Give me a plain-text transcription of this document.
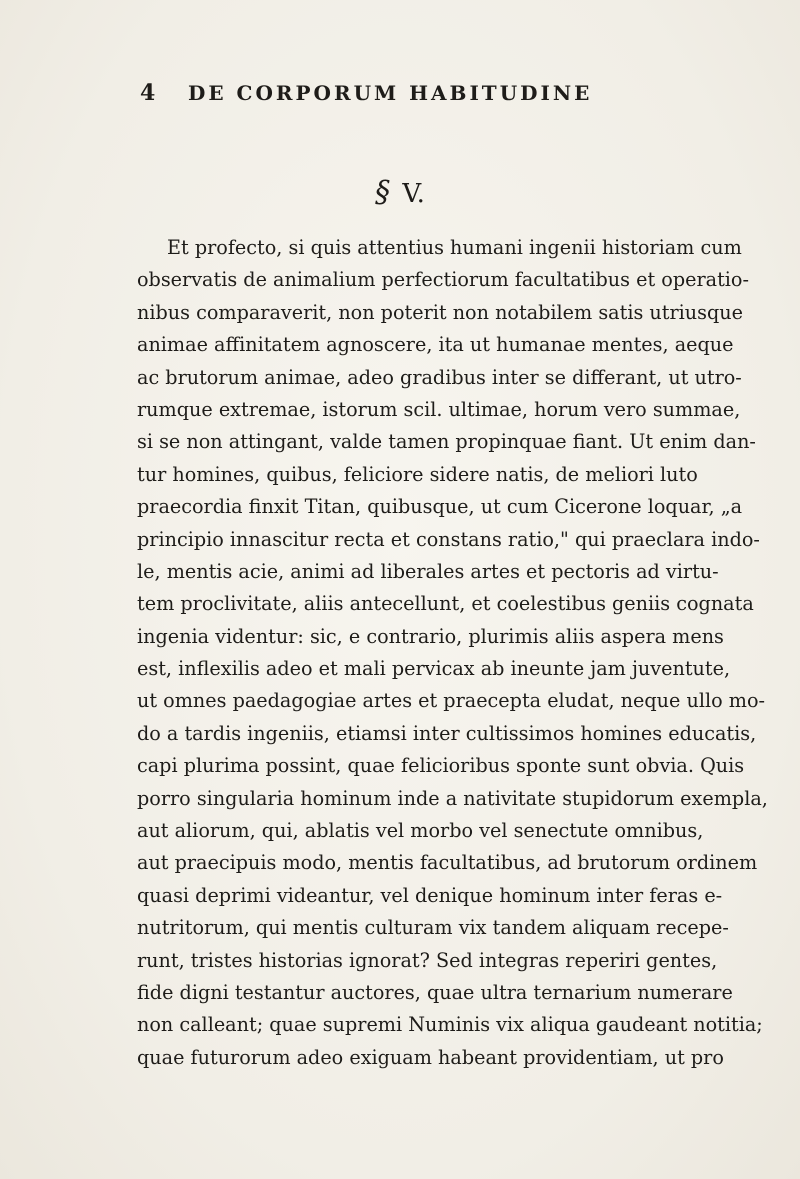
4 DE CORPORUM HABITUDINE
§ V.
Et profecto, si quis attentius humani ingenii historiam cum
observatis de animalium perfectiorum facultatibus et operatio-
nibus comparaverit, non poterit non notabilem satis utriusque
animae affinitatem agnoscere, ita ut humanae mentes, aeque
ac brutorum animae, adeo gradibus inter se differant, ut utro-
rumque extremae, istorum scil. ultimae, horum vero summae,
si se non attingant, valde tamen propinquae fiant. Ut enim dan-
tur homines, quibus, feliciore sidere natis, de meliori luto
praecordia finxit Titan, quibusque, ut cum Cicerone loquar, „a
principio innascitur recta et constans ratio," qui praeclara indo-
le, mentis acie, animi ad liberales artes et pectoris ad virtu-
tem proclivitate, aliis antecellunt, et coelestibus geniis cognata
ingenia videntur: sic, e contrario, plurimis aliis aspera mens
est, inflexilis adeo et mali pervicax ab ineunte jam juventute,
ut omnes paedagogiae artes et praecepta eludat, neque ullo mo-
do a tardis ingeniis, etiamsi inter cultissimos homines educatis,
capi plurima possint, quae felicioribus sponte sunt obvia. Quis
porro singularia hominum inde a nativitate stupidorum exempla,
aut aliorum, qui, ablatis vel morbo vel senectute omnibus,
aut praecipuis modo, mentis facultatibus, ad brutorum ordinem
quasi deprimi videantur, vel denique hominum inter feras e-
nutritorum, qui mentis culturam vix tandem aliquam recepe-
runt, tristes historias ignorat? Sed integras reperiri gentes,
fide digni testantur auctores, quae ultra ternarium numerare
non calleant; quae supremi Numinis vix aliqua gaudeant notitia;
quae futurorum adeo exiguam habeant providentiam, ut pro
